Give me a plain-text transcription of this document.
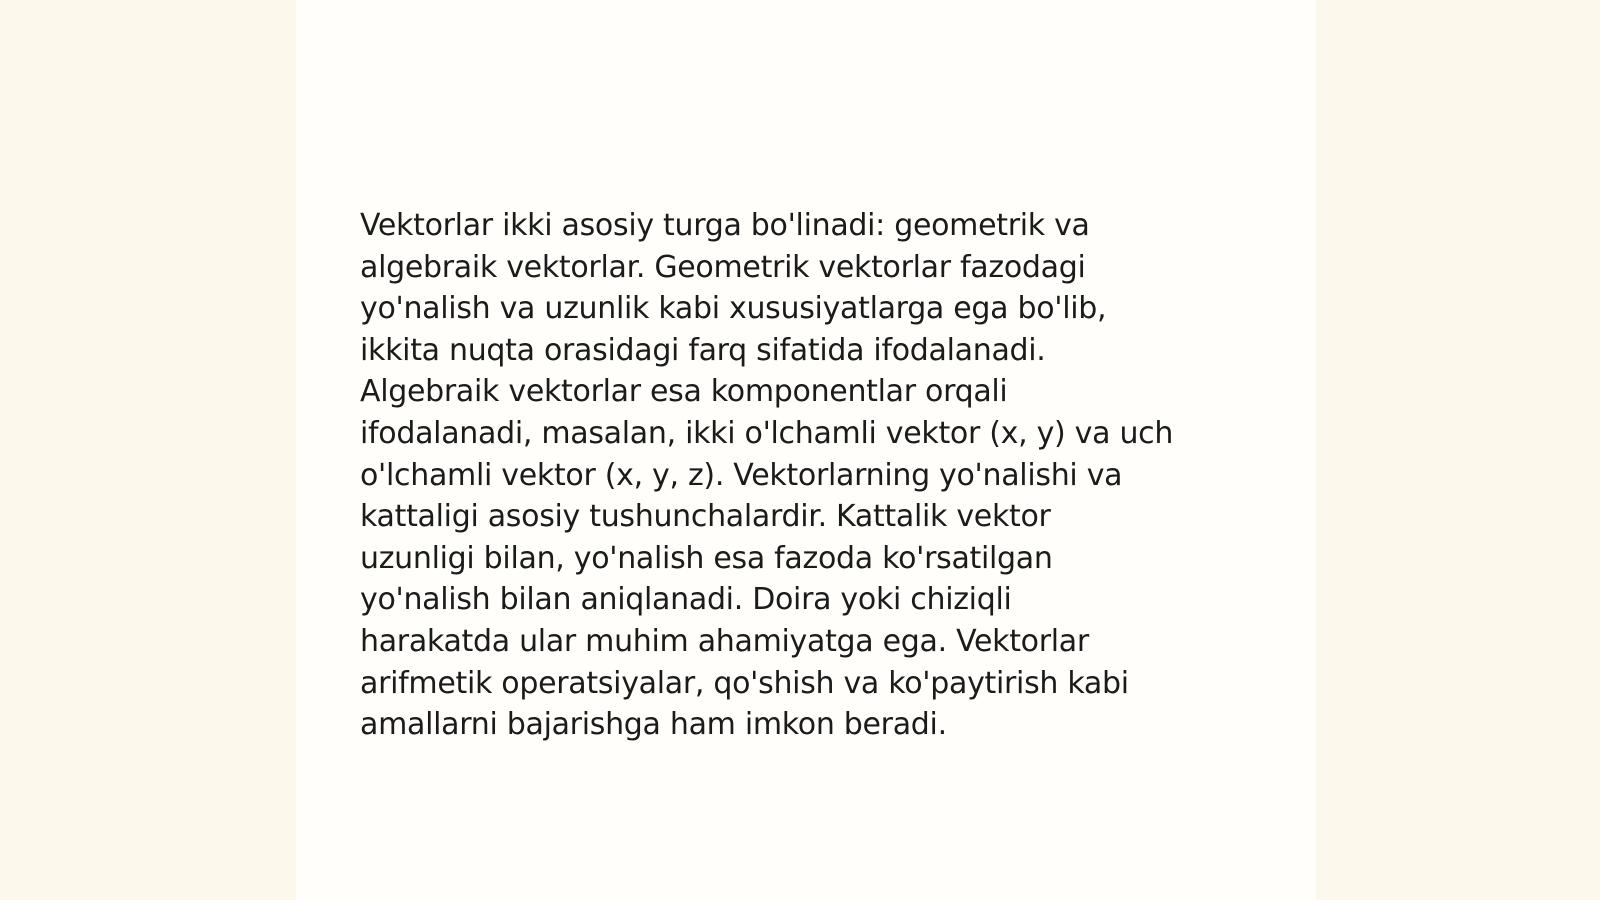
Vektorlar ikki asosiy turga bo'linadi: geometrik va
algebraik vektorlar. Geometrik vektorlar fazodagi
yo'nalish va uzunlik kabi xususiyatlarga ega bo'lib,
ikkita nuqta orasidagi farq sifatida ifodalanadi.
Algebraik vektorlar esa komponentlar orqali
ifodalanadi, masalan, ikki o'lchamli vektor (x, y) va uch
o'lchamli vektor (x, y, z). Vektorlarning yo'nalishi va
kattaligi asosiy tushunchalardir. Kattalik vektor
uzunligi bilan, yo'nalish esa fazoda ko'rsatilgan
yo'nalish bilan aniqlanadi. Doira yoki chiziqli
harakatda ular muhim ahamiyatga ega. Vektorlar
arifmetik operatsiyalar, qo'shish va ko'paytirish kabi
amallarni bajarishga ham imkon beradi.
